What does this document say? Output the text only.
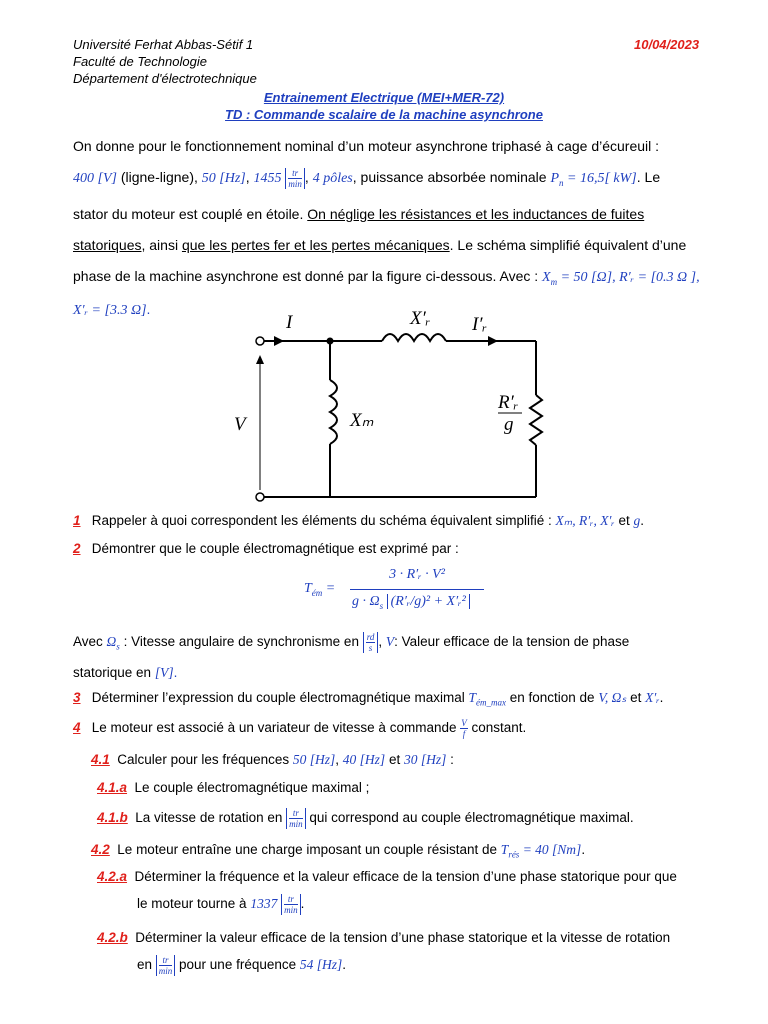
Université Ferhat Abbas-Sétif 1
Faculté de Technologie
Département d'électrotechnique
10/04/2023
Entrainement Electrique (MEI+MER-72)
TD : Commande scalaire de la machine asynchrone
On donne pour le fonctionnement nominal d’un moteur asynchrone triphasé à cage d’écureuil :
400 [V] (ligne-ligne), 50 [Hz], $1455 \frac{tr}{\min}$ , 4 pôles, puissance absorbée nominale $P_n = 16,5$[ kW]. Le
stator du moteur est couplé en étoile. On néglige les résistances et les inductances de fuites
statoriques, ainsi que les pertes fer et les pertes mécaniques. Le schéma simplifié équivalent d’une
phase de la machine asynchrone est donné par la figure ci-dessous. Avec : $X_m = 50$ [Ω], R′ᵣ = [0.3 Ω ],
X′ᵣ = [3.3 Ω].
I	X′ᵣ I′ᵣ
V	Xₘ
R′ᵣ
g
1 Rappeler à quoi correspondent les éléments du schéma équivalent simplifié : Xₘ, R′ᵣ, X′ᵣ et g.
2 Démontrer que le couple électromagnétique est exprimé par :
$T_{ém}$ =
3 · R′ᵣ · V²
$g \cdot \Omega_s$ (R′ᵣ/g)² + X′ᵣ²
Avec $\Omega_s$ : Vitesse angulaire de synchronisme en $\frac{rd}{s}$ , V: Valeur efficace de la tension de phase
statorique en [V].
3 Déterminer l’expression du couple électromagnétique maximal $T_{ém\_max}$ en fonction de V, Ωₛ et X′ᵣ.
4 Le moteur est associé à un variateur de vitesse à commande $\frac{V}{f}$ constant.
4.1 Calculer pour les fréquences 50 [Hz], 40 [Hz] et 30 [Hz] :
4.1.a Le couple électromagnétique maximal ;
4.1.b La vitesse de rotation en $\frac{tr}{\min}$ qui correspond au couple électromagnétique maximal.
4.2 Le moteur entraîne une charge imposant un couple résistant de $T_{rés} = 40$ [Nm].
4.2.a Déterminer la fréquence et la valeur efficace de la tension d’une phase statorique pour que
le moteur tourne à $1337 \frac{tr}{\min}$ .
4.2.b Déterminer la valeur efficace de la tension d’une phase statorique et la vitesse de rotation
en $\frac{tr}{\min}$ pour une fréquence 54 [Hz].
